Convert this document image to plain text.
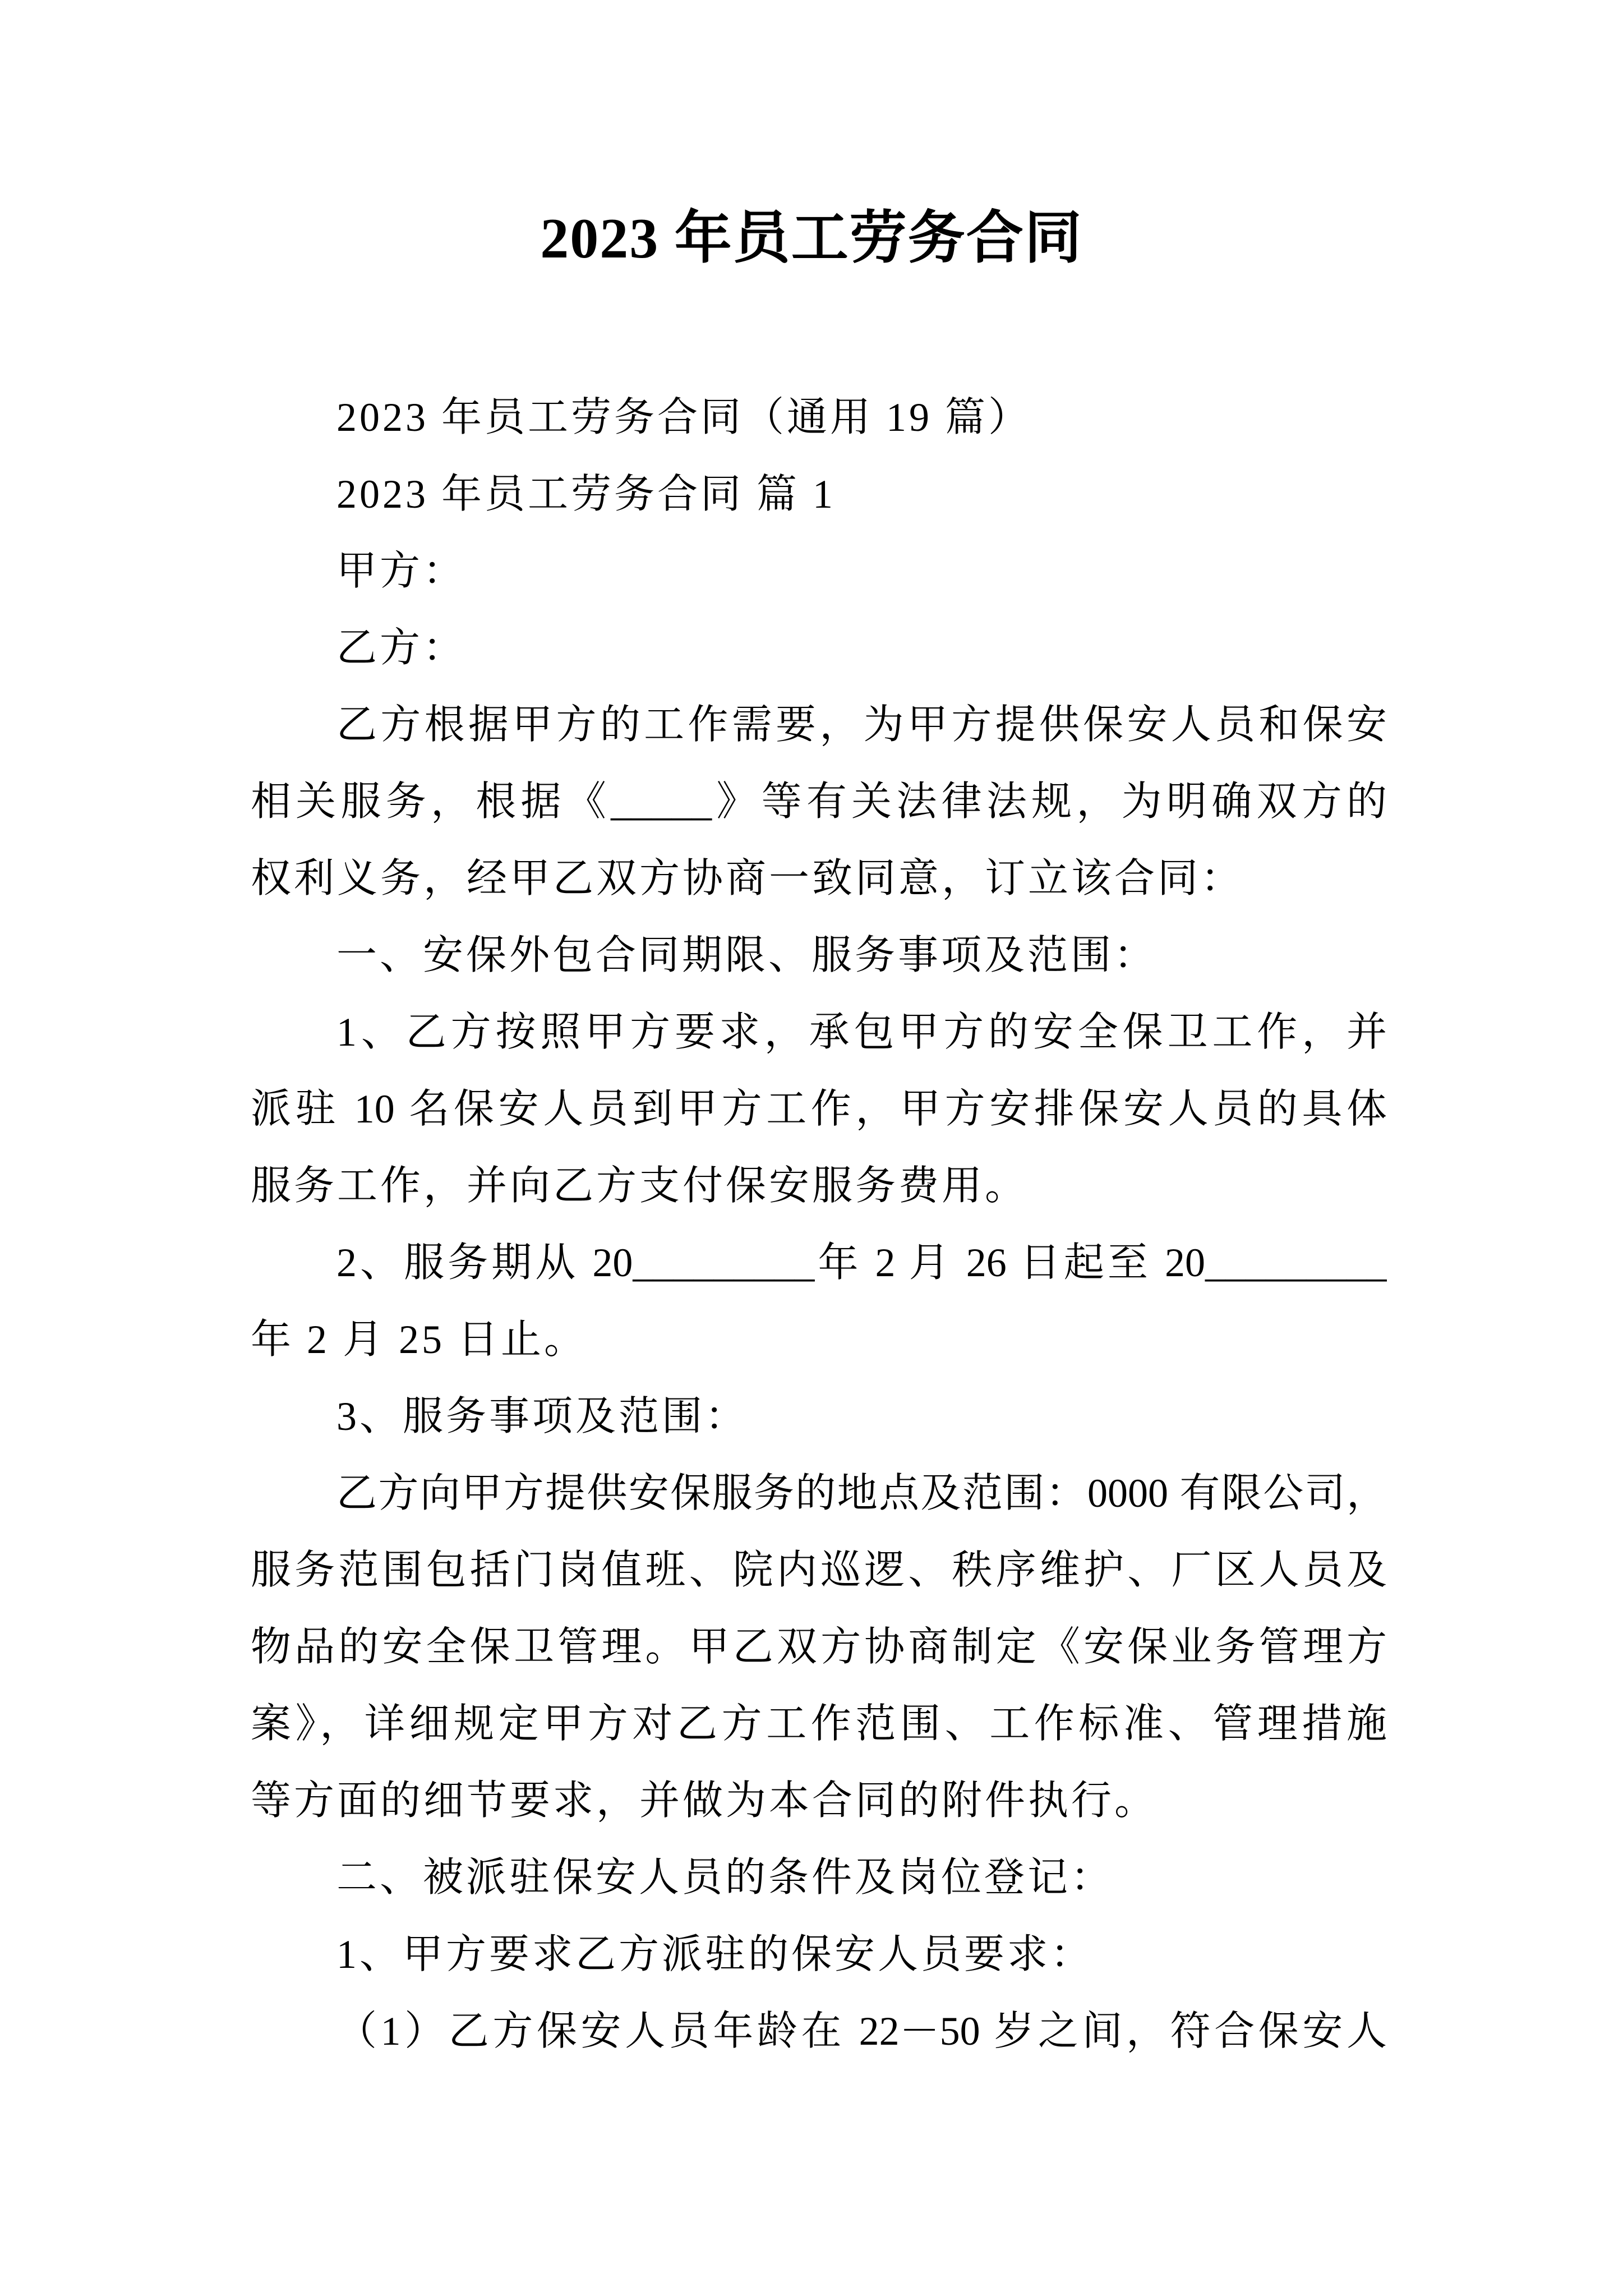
2023 年员工劳务合同
2023 年员工劳务合同（通用 19 篇）
2023 年员工劳务合同 篇 1
甲方：
乙方：
乙方根据甲方的工作需要，为甲方提供保安人员和保安
相关服务，根据《_____》等有关法律法规，为明确双方的
权利义务，经甲乙双方协商一致同意，订立该合同：
一、安保外包合同期限、服务事项及范围：
1、乙方按照甲方要求，承包甲方的安全保卫工作，并
派驻 10 名保安人员到甲方工作，甲方安排保安人员的具体
服务工作，并向乙方支付保安服务费用。
2、服务期从 20_________年 2 月 26 日起至 20_________
年 2 月 25 日止。
3、服务事项及范围：
乙方向甲方提供安保服务的地点及范围：0000 有限公司，
服务范围包括门岗值班、院内巡逻、秩序维护、厂区人员及
物品的安全保卫管理。甲乙双方协商制定《安保业务管理方
案》，详细规定甲方对乙方工作范围、工作标准、管理措施
等方面的细节要求，并做为本合同的附件执行。
二、被派驻保安人员的条件及岗位登记：
1、甲方要求乙方派驻的保安人员要求：
（1）乙方保安人员年龄在 22－50 岁之间，符合保安人
